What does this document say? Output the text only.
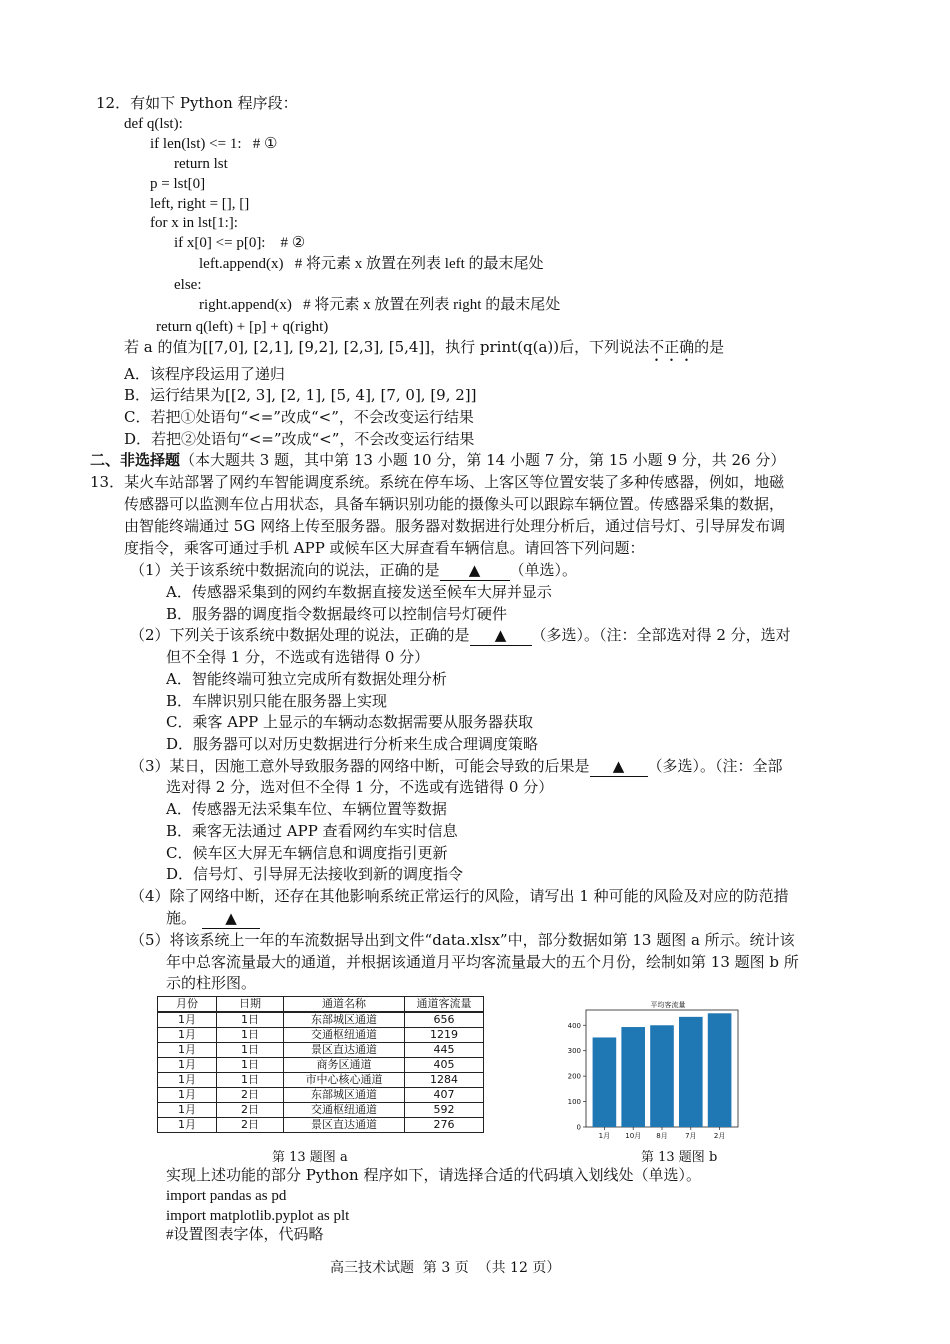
12．有如下 Python 程序段：
def q(lst):
if len(lst) <= 1:   # ①
return lst
p = lst[0]
left, right = [], []
for x in lst[1:]:
if x[0] <= p[0]:    # ②
left.append(x)   # 将元素 x 放置在列表 left 的最末尾处
else:
right.append(x)   # 将元素 x 放置在列表 right 的最末尾处
return q(left) + [p] + q(right)
若 a 的值为[[7,0], [2,1], [9,2], [2,3], [5,4]]，执行 print(q(a))后，下列说法不正确的是
A．该程序段运用了递归
B．运行结果为[[2, 3], [2, 1], [5, 4], [7, 0], [9, 2]]
C．若把①处语句“<=”改成“<”，不会改变运行结果
D．若把②处语句“<=”改成“<”，不会改变运行结果
二、非选择题（本大题共 3 题，其中第 13 小题 10 分，第 14 小题 7 分，第 15 小题 9 分，共 26 分）
13．某火车站部署了网约车智能调度系统。系统在停车场、上客区等位置安装了多种传感器，例如，地磁
传感器可以监测车位占用状态，具备车辆识别功能的摄像头可以跟踪车辆位置。传感器采集的数据，
由智能终端通过 5G 网络上传至服务器。服务器对数据进行处理分析后，通过信号灯、引导屏发布调
度指令，乘客可通过手机 APP 或候车区大屏查看车辆信息。请回答下列问题：
（1）关于该系统中数据流向的说法，正确的是 ▲ （单选）。
A．传感器采集到的网约车数据直接发送至候车大屏并显示
B．服务器的调度指令数据最终可以控制信号灯硬件
（2）下列关于该系统中数据处理的说法，正确的是 ▲ （多选）。（注：全部选对得 2 分，选对
但不全得 1 分，不选或有选错得 0 分）
A．智能终端可独立完成所有数据处理分析
B．车牌识别只能在服务器上实现
C．乘客 APP 上显示的车辆动态数据需要从服务器获取
D．服务器可以对历史数据进行分析来生成合理调度策略
（3）某日，因施工意外导致服务器的网络中断，可能会导致的后果是 ▲ （多选）。（注：全部
选对得 2 分，选对但不全得 1 分，不选或有选错得 0 分）
A．传感器无法采集车位、车辆位置等数据
B．乘客无法通过 APP 查看网约车实时信息
C．候车区大屏无车辆信息和调度指引更新
D．信号灯、引导屏无法接收到新的调度指令
（4）除了网络中断，还存在其他影响系统正常运行的风险，请写出 1 种可能的风险及对应的防范措
施。 ▲
（5）将该系统上一年的车流数据导出到文件“data.xlsx”中，部分数据如第 13 题图 a 所示。统计该
年中总客流量最大的通道，并根据该通道月平均客流量最大的五个月份，绘制如第 13 题图 b 所
示的柱形图。
月份	日期	通道名称	通道客流量
1月	1日	东部城区通道	656
1月	1日	交通枢纽通道	1219
1月	1日	景区直达通道	445
1月	1日	商务区通道	405
1月	1日	市中心核心通道	1284
1月	2日	东部城区通道	407
1月	2日	交通枢纽通道	592
1月	2日	景区直达通道	276
第 13 题图 a
平均客流量
0
100
200
300
400
1月 10月 8月 7月 2月
第 13 题图 b
实现上述功能的部分 Python 程序如下，请选择合适的代码填入划线处（单选）。
import pandas as pd
import matplotlib.pyplot as plt
#设置图表字体，代码略
高三技术试题  第 3 页  （共 12 页）
